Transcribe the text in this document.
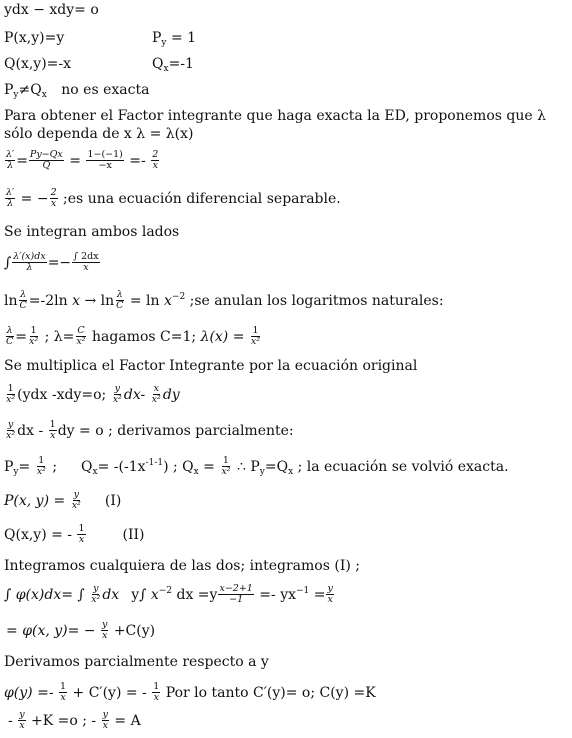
ydx − xdy= o
P(x,y)=y	$P_y = 1$
Q(x,y)=-x	$Q_x=-1$
$P_y\ne Q_x$ no es exacta
Para obtener el Factor integrante que haga exacta la ED, proponemos que λ sólo dependa de x λ = λ(x)
$\frac{\lambda'}{\lambda} = \frac{Py-Qx}{Q} = \frac{1-(-1)}{-x} =- \frac{2}{x}$
$\frac{\lambda'}{\lambda}$ = − $\frac{2}{x}$ ;es una ecuación diferencial separable.
Se integran ambos lados
∫ $\frac{\lambda'(x)dx}{\lambda} =- \frac{\int 2dx}{x}$
$\ln \frac{\lambda}{C} =-2\ln$ $x \to \ln \frac{\lambda}{C} = \ln x^{-2}$ ;se anulan los logaritmos naturales:
$\frac{\lambda}{C} = \frac{1}{\text{x²}}$ ; $\lambda= \frac{C}{\text{x²}}$ hagamos C=1; $\lambda(x) = \frac{1}{\text{x²}}$
Se multiplica el Factor Integrante por la ecuación original
$\frac{1}{\text{x²}} (ydx$ -xdy=o; $\frac{y}{\text{x²}} dx- \frac{x}{\text{x²}}$ dy
$\frac{y}{\text{x²}}$ dx - $\frac{1}{x}$ dy = o ; derivamos parcialmente:
$P_y= \frac{1}{\text{x²}}$ ; $Q_x= -(-1x^{-1-1})$ ; $Q_x = \frac{1}{\text{x²}}$ ∴ $P_y=Q_x$ ; la ecuación se volvió exacta.
P(x, $y) = \frac{y}{\text{x²}} (I)$
Q(x,y) = - $\frac{1}{x}$	(II)
Integramos cualquiera de las dos; integramos (I) ;
∫ φ(x)dx= ∫ $\frac{y}{\text{x²}}$ dx y∫ $x^{-2}$ dx $=y \frac{x-2+1}{-1} =- yx^{-1} = \frac{y}{x}$
= φ(x, $y)= - \frac{y}{x} +C(y)$
Derivamos parcialmente respecto a y
$\varphi(y) =- \frac{1}{x} + C'(y)$ = - $\frac{1}{x}$ Por lo tanto C′(y)= o; C(y) =K
- $\frac{y}{x} +K =o$ ; - $\frac{y}{x} = A$
